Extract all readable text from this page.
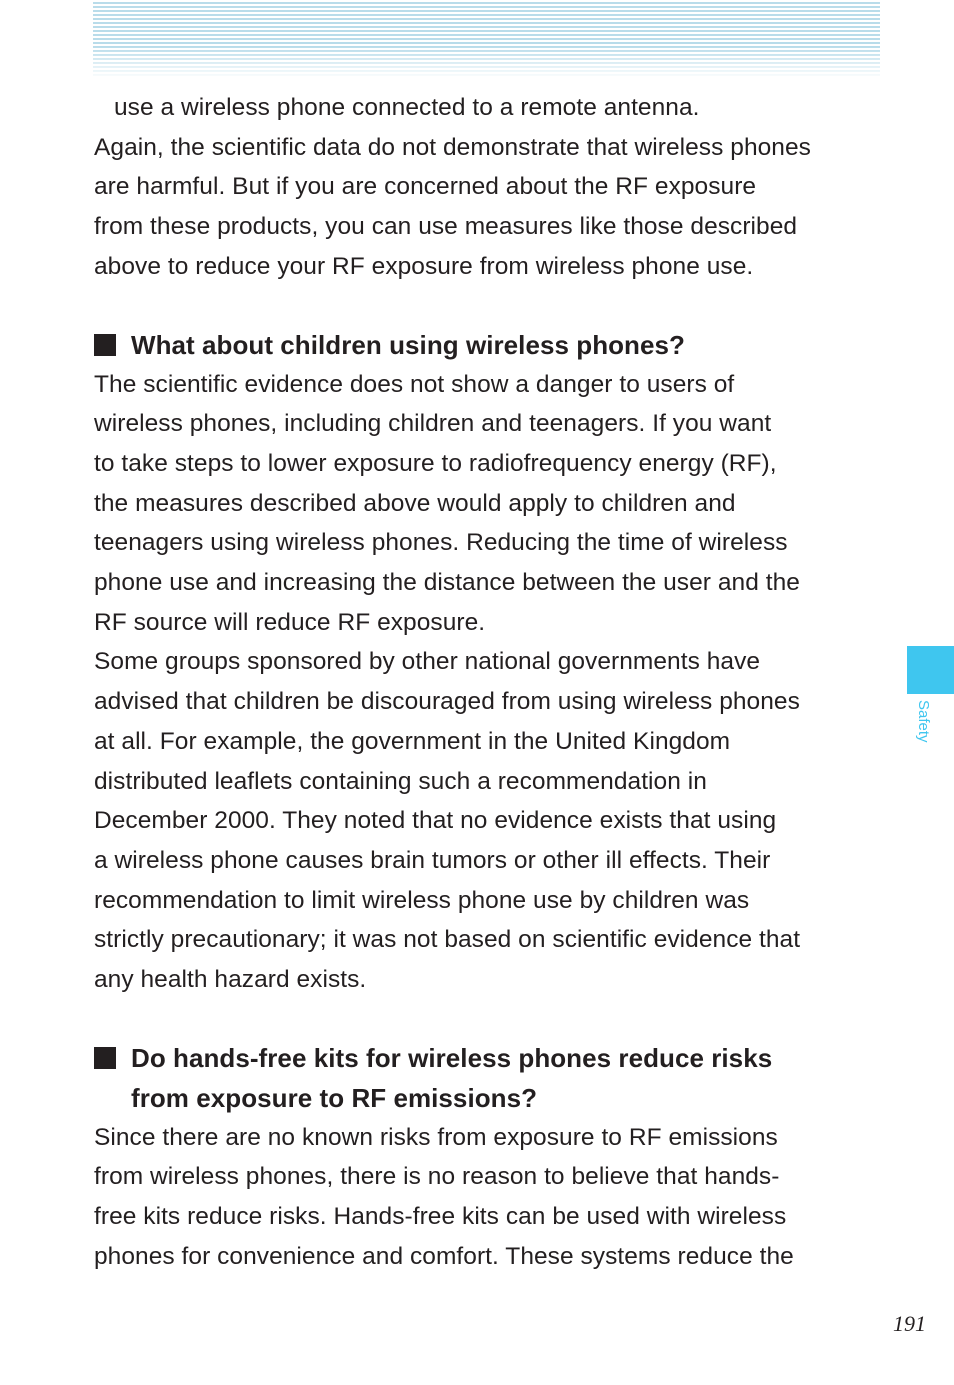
use a wireless phone connected to a remote antenna.

Again, the scientific data do not demonstrate that wireless phones

are harmful. But if you are concerned about the RF exposure

from these products, you can use measures like those described

above to reduce your RF exposure from wireless phone use.

What about children using wireless phones?

The scientific evidence does not show a danger to users of

wireless phones, including children and teenagers. If you want

to take steps to lower exposure to radiofrequency energy (RF),

the measures described above would apply to children and

teenagers using wireless phones. Reducing the time of wireless

phone use and increasing the distance between the user and the

RF source will reduce RF exposure.

Some groups sponsored by other national governments have

advised that children be discouraged from using wireless phones

at all. For example, the government in the United Kingdom

distributed leaflets containing such a recommendation in

December 2000. They noted that no evidence exists that using

a wireless phone causes brain tumors or other ill effects. Their

recommendation to limit wireless phone use by children was

strictly precautionary; it was not based on scientific evidence that

any health hazard exists.

Do hands-free kits for wireless phones reduce risks
from exposure to RF emissions?

Since there are no known risks from exposure to RF emissions

from wireless phones, there is no reason to believe that hands-

free kits reduce risks. Hands-free kits can be used with wireless

phones for convenience and comfort. These systems reduce the

Safety
191
